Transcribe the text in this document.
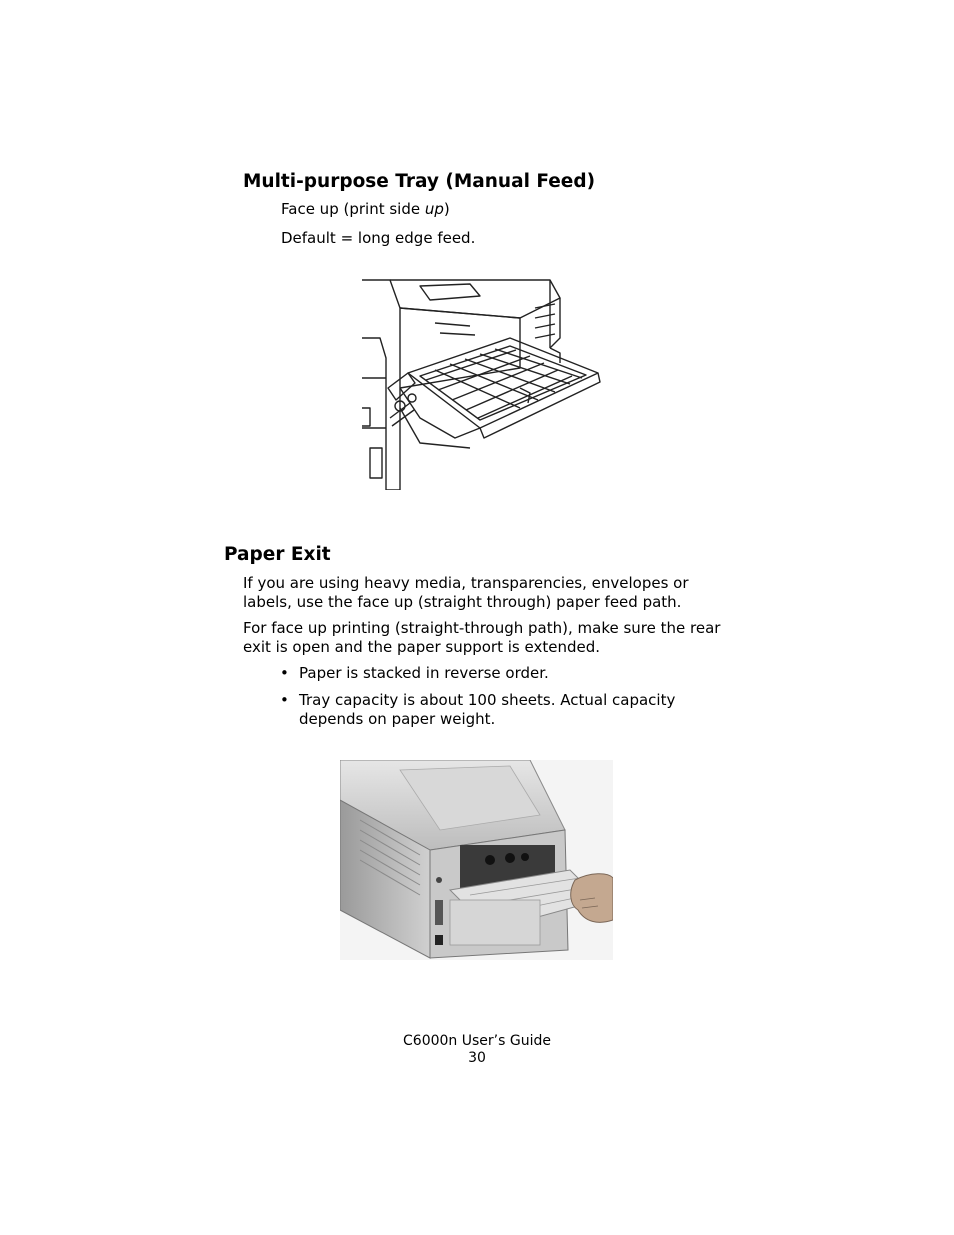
Multi-purpose Tray (Manual Feed)
Face up (print side up)
Default = long edge feed.
Paper Exit
If you are using heavy media, transparencies, envelopes or labels, use the face up (straight through) paper feed path.
For face up printing (straight-through path), make sure the rear exit is open and the paper support is extended.
• Paper is stacked in reverse order.
• Tray capacity is about 100 sheets. Actual capacity depends on paper weight.
C6000n User’s Guide
30
